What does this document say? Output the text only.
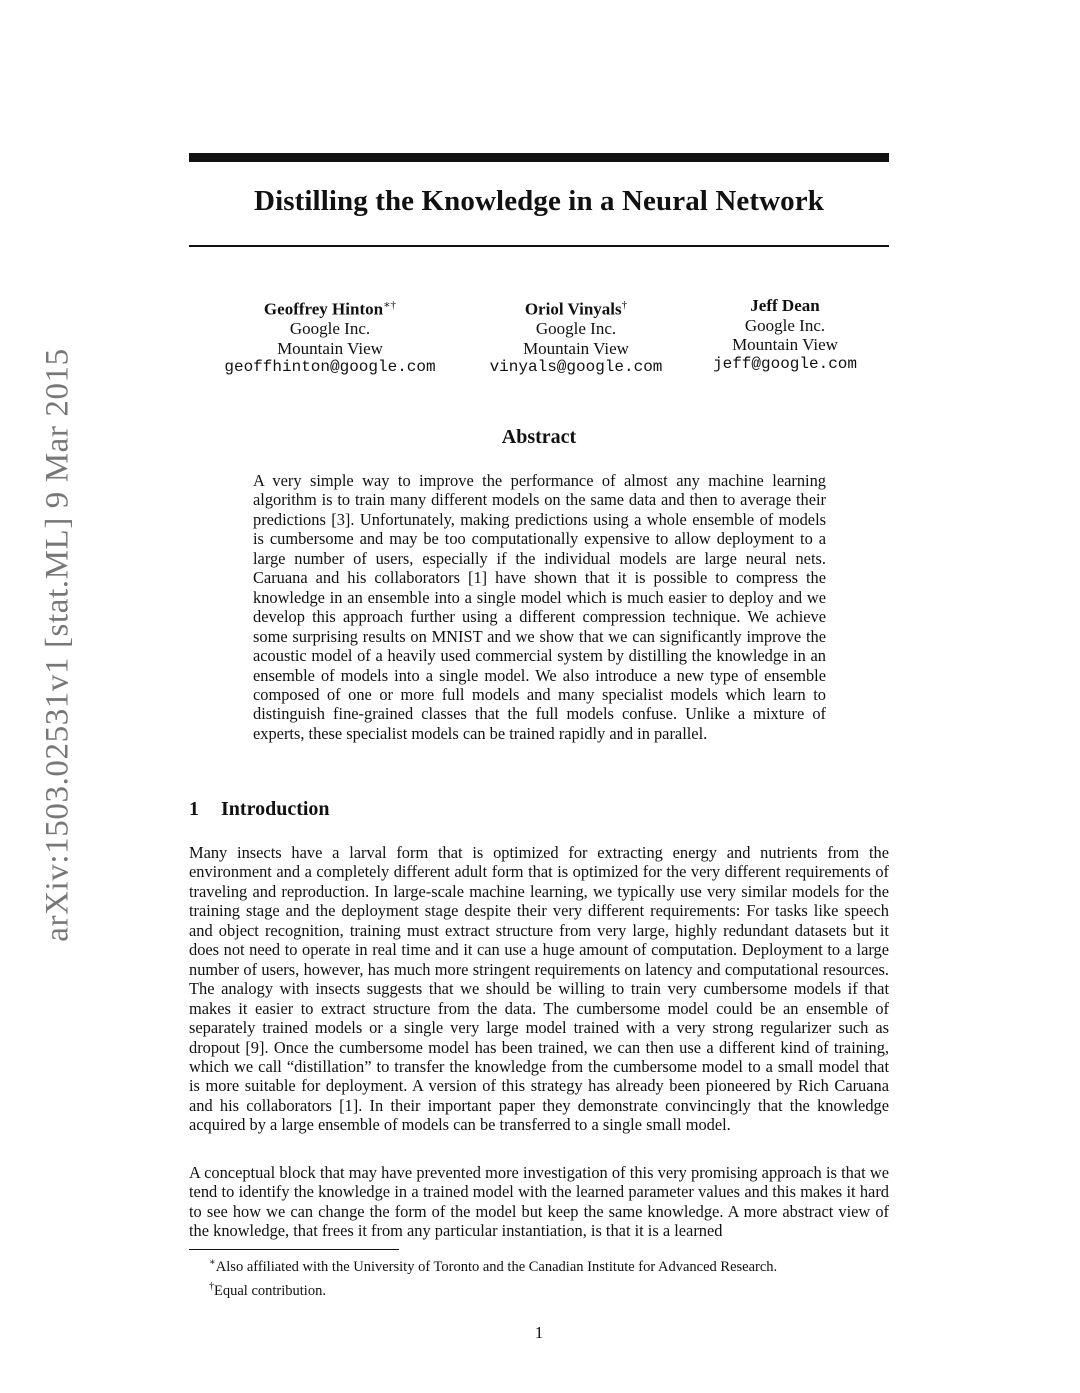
arXiv:1503.02531v1 [stat.ML] 9 Mar 2015
Distilling the Knowledge in a Neural Network
Geoffrey Hinton∗†
Google Inc.
Mountain View
geoffhinton@google.com
Oriol Vinyals†
Google Inc.
Mountain View
vinyals@google.com
Jeff Dean
Google Inc.
Mountain View
jeff@google.com
Abstract

A very simple way to improve the performance of almost any machine learning algorithm is to train many different models on the same data and then to average their predictions [3]. Unfortunately, making predictions using a whole ensemble of models is cumbersome and may be too computationally expensive to allow deployment to a large number of users, especially if the individual models are large neural nets. Caruana and his collaborators [1] have shown that it is possible to compress the knowledge in an ensemble into a single model which is much easier to deploy and we develop this approach further using a different compression technique. We achieve some surprising results on MNIST and we show that we can significantly improve the acoustic model of a heavily used commercial system by distilling the knowledge in an ensemble of models into a single model. We also introduce a new type of ensemble composed of one or more full models and many specialist models which learn to distinguish fine-grained classes that the full models confuse. Unlike a mixture of experts, these specialist models can be trained rapidly and in parallel.

1 Introduction

Many insects have a larval form that is optimized for extracting energy and nutrients from the environment and a completely different adult form that is optimized for the very different requirements of traveling and reproduction. In large-scale machine learning, we typically use very similar models for the training stage and the deployment stage despite their very different requirements: For tasks like speech and object recognition, training must extract structure from very large, highly redundant datasets but it does not need to operate in real time and it can use a huge amount of computation. Deployment to a large number of users, however, has much more stringent requirements on latency and computational resources. The analogy with insects suggests that we should be willing to train very cumbersome models if that makes it easier to extract structure from the data. The cumbersome model could be an ensemble of separately trained models or a single very large model trained with a very strong regularizer such as dropout [9]. Once the cumbersome model has been trained, we can then use a different kind of training, which we call “distillation” to transfer the knowledge from the cumbersome model to a small model that is more suitable for deployment. A version of this strategy has already been pioneered by Rich Caruana and his collaborators [1]. In their important paper they demonstrate convincingly that the knowledge acquired by a large ensemble of models can be transferred to a single small model.

A conceptual block that may have prevented more investigation of this very promising approach is that we tend to identify the knowledge in a trained model with the learned parameter values and this makes it hard to see how we can change the form of the model but keep the same knowledge. A more abstract view of the knowledge, that frees it from any particular instantiation, is that it is a learned

∗Also affiliated with the University of Toronto and the Canadian Institute for Advanced Research.
†Equal contribution.
1
